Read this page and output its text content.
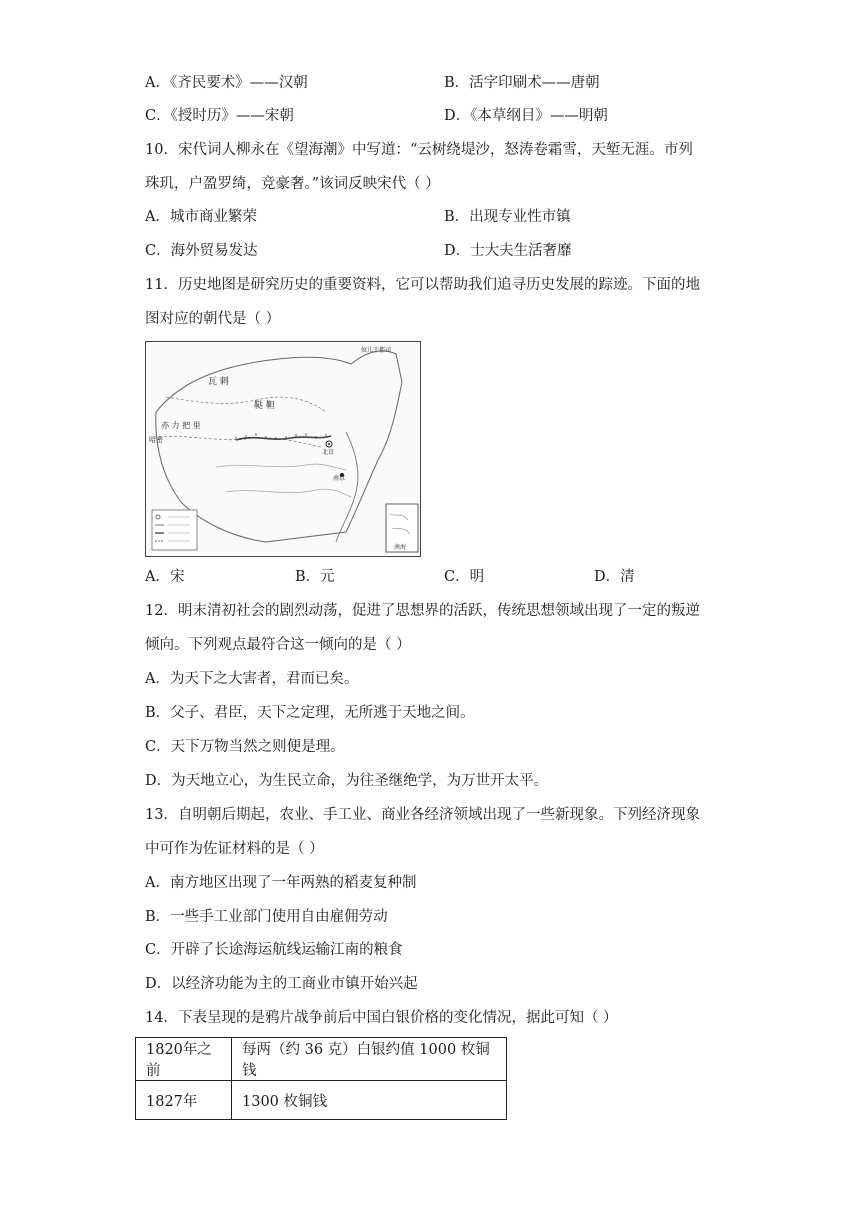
A．《齐民要术》——汉朝	B．活字印刷术——唐朝
C．《授时历》——宋朝	D．《本草纲目》——明朝
10．宋代词人柳永在《望海潮》中写道：“云树绕堤沙，怒涛卷霜雪，天堑无涯。市列
珠玑，户盈罗绮，竞豪奢。”该词反映宋代（ ）
A．城市商业繁荣	B．出现专业性市镇
C．海外贸易发达	D．士大夫生活奢靡
11．历史地图是研究历史的重要资料，它可以帮助我们追寻历史发展的踪迹。下面的地
图对应的朝代是（ ）
瓦 剌
鞑 靼
亦 力 把 里
哈密
南京
北京
奴儿干都司
南海
A．宋	B．元	C．明	D．清
12．明末清初社会的剧烈动荡，促进了思想界的活跃，传统思想领域出现了一定的叛逆
倾向。下列观点最符合这一倾向的是（ ）
A．为天下之大害者，君而已矣。
B．父子、君臣，天下之定理，无所逃于天地之间。
C．天下万物当然之则便是理。
D．为天地立心，为生民立命，为往圣继绝学，为万世开太平。
13．自明朝后期起，农业、手工业、商业各经济领域出现了一些新现象。下列经济现象
中可作为佐证材料的是（ ）
A．南方地区出现了一年两熟的稻麦复种制
B．一些手工业部门使用自由雇佣劳动
C．开辟了长途海运航线运输江南的粮食
D．以经济功能为主的工商业市镇开始兴起
14．下表呈现的是鸦片战争前后中国白银价格的变化情况，据此可知（ ）
1820年之前	每两（约 36 克）白银约值 1000 枚铜钱
1827年	1300 枚铜钱
